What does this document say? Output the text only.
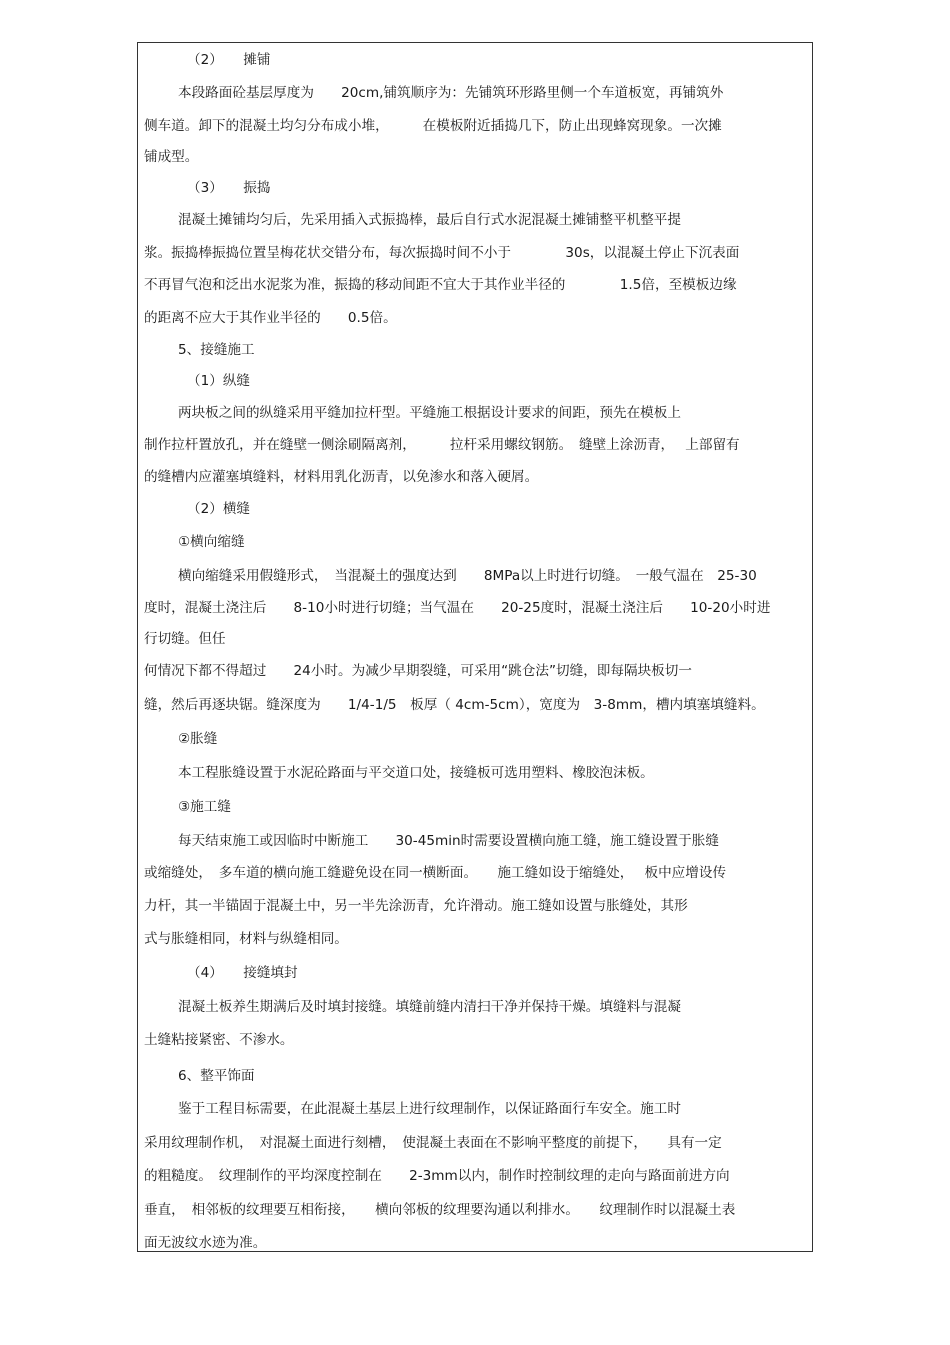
（2）　　摊铺
本段路面砼基层厚度为　　20cm,铺筑顺序为：先铺筑环形路里侧一个车道板宽，再铺筑外
侧车道。卸下的混凝土均匀分布成小堆，　　　在模板附近插捣几下，防止出现蜂窝现象。一次摊
铺成型。
（3）　　振捣
混凝土摊铺均匀后，先采用插入式振捣棒，最后自行式水泥混凝土摊铺整平机整平提
浆。振捣棒振捣位置呈梅花状交错分布，每次振捣时间不小于　　　　30s，以混凝土停止下沉表面
不再冒气泡和泛出水泥浆为准，振捣的移动间距不宜大于其作业半径的　　　　1.5倍，至模板边缘
的距离不应大于其作业半径的　　0.5倍。
5、接缝施工
（1）纵缝
两块板之间的纵缝采用平缝加拉杆型。平缝施工根据设计要求的间距，预先在模板上
制作拉杆置放孔，并在缝壁一侧涂刷隔离剂，　　　拉杆采用螺纹钢筋。　缝壁上涂沥青，　 上部留有
的缝槽内应灌塞填缝料，材料用乳化沥青，以免渗水和落入硬屑。
（2）横缝
①横向缩缝
横向缩缝采用假缝形式，　当混凝土的强度达到　　8MPa以上时进行切缝。　一般气温在　25-30
度时，混凝土浇注后　　8-10小时进行切缝；当气温在　　20-25度时，混凝土浇注后　　10-20小时进
行切缝。但任
何情况下都不得超过　　24小时。为减少早期裂缝，可采用“跳仓法”切缝，即每隔块板切一
缝，然后再逐块锯。缝深度为　　1/4-1/5　板厚（ 4cm-5cm），宽度为　3-8mm，槽内填塞填缝料。
②胀缝
本工程胀缝设置于水泥砼路面与平交道口处，接缝板可选用塑料、橡胶泡沫板。
③施工缝
每天结束施工或因临时中断施工　　30-45min时需要设置横向施工缝，施工缝设置于胀缝
或缩缝处，　多车道的横向施工缝避免设在同一横断面。　　施工缝如设于缩缝处，　 板中应增设传
力杆，其一半锚固于混凝土中，另一半先涂沥青，允许滑动。施工缝如设置与胀缝处，其形
式与胀缝相同，材料与纵缝相同。
（4）　　接缝填封
混凝土板养生期满后及时填封接缝。填缝前缝内清扫干净并保持干燥。填缝料与混凝
土缝粘接紧密、不渗水。
6、整平饰面
鉴于工程目标需要，在此混凝土基层上进行纹理制作，以保证路面行车安全。施工时
采用纹理制作机，　对混凝土面进行刻槽，　使混凝土表面在不影响平整度的前提下，　　具有一定
的粗糙度。　纹理制作的平均深度控制在　　2-3mm以内，制作时控制纹理的走向与路面前进方向
垂直，　相邻板的纹理要互相衔接，　　横向邻板的纹理要沟通以利排水。　　纹理制作时以混凝土表
面无波纹水迹为准。
